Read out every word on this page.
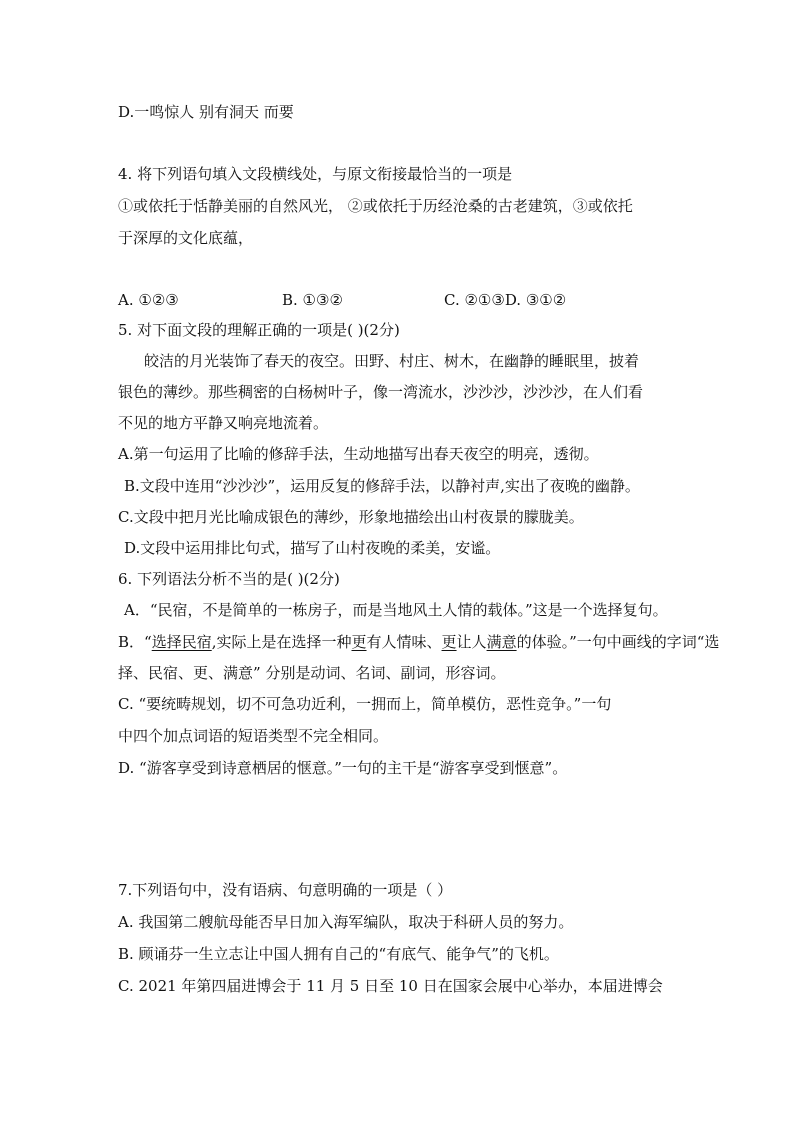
D.一鸣惊人 别有洞天 而要
4. 将下列语句填入文段横线处，与原文衔接最恰当的一项是
①或依托于恬静美丽的自然风光， ②或依托于历经沧桑的古老建筑，③或依托
于深厚的文化底蕴，
A. ①②③	B. ①③②	C. ②①③D. ③①②
5. 对下面文段的理解正确的一项是( )(2分)
皎洁的月光装饰了春天的夜空。田野、村庄、树木，在幽静的睡眠里，披着
银色的薄纱。那些稠密的白杨树叶子，像一湾流水，沙沙沙，沙沙沙，在人们看
不见的地方平静又响亮地流着。
A.第一句运用了比喻的修辞手法，生动地描写出春天夜空的明亮，透彻。
B.文段中连用“沙沙沙”，运用反复的修辞手法，以静衬声,实出了夜晚的幽静。
C.文段中把月光比喻成银色的薄纱，形象地描绘出山村夜景的朦胧美。
D.文段中运用排比句式，描写了山村夜晚的柔美，安谧。
6. 下列语法分析不当的是( )(2分)
A．“民宿，不是简单的一栋房子，而是当地风土人情的载体。”这是一个选择复句。
B．“选择民宿,实际上是在选择一种更有人情味、更让人满意的体验。”一句中画线的字词“选
择、民宿、更、满意” 分别是动词、名词、副词，形容词。
C. “要统畴规划，切不可急功近利，一拥而上，简单模仿，恶性竞争。”一句
中四个加点词语的短语类型不完全相同。
D. “游客享受到诗意栖居的惬意。”一句的主干是“游客享受到惬意”。
7.下列语句中，没有语病、句意明确的一项是（ ）
A. 我国第二艘航母能否早日加入海军编队，取决于科研人员的努力。
B. 顾诵芬一生立志让中国人拥有自己的“有底气、能争气”的飞机。
C. 2021 年第四届进博会于 11 月 5 日至 10 日在国家会展中心举办，本届进博会
